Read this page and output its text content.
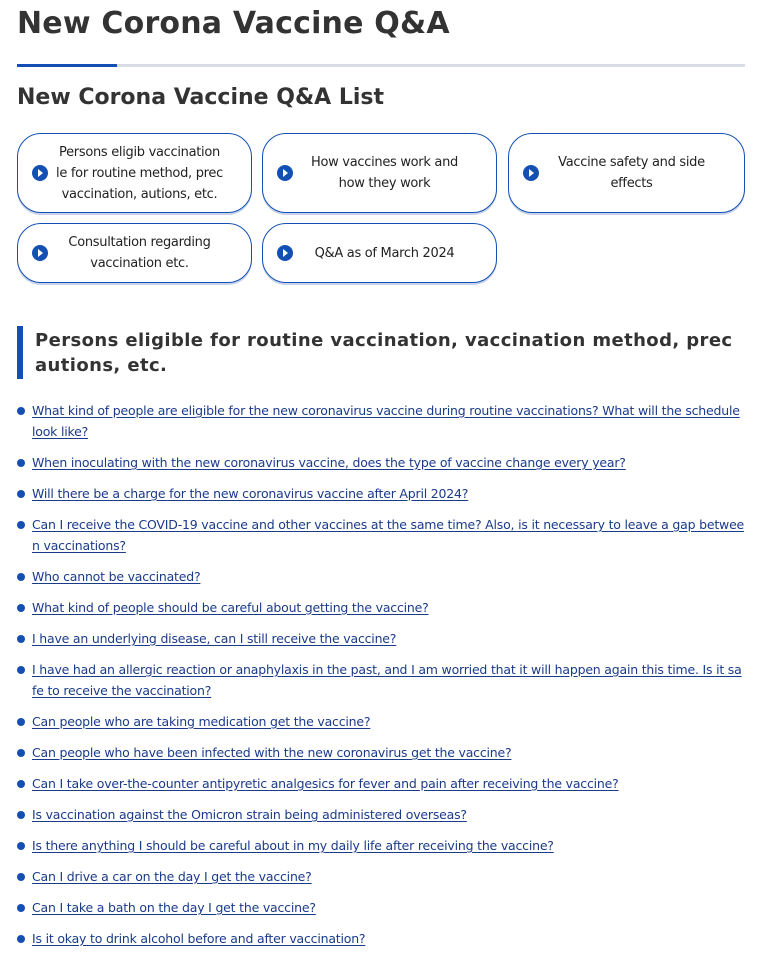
New Corona Vaccine Q&A
New Corona Vaccine Q&A List
Persons eligib vaccination le for routine method, prec vaccination, autions, etc.
How vaccines work and how they work
Vaccine safety and side effects
Consultation regarding vaccination etc.
Q&A as of March 2024
Persons eligible for routine vaccination, vaccination method, precautions, etc.
What kind of people are eligible for the new coronavirus vaccine during routine vaccinations? What will the schedule look like?
When inoculating with the new coronavirus vaccine, does the type of vaccine change every year?
Will there be a charge for the new coronavirus vaccine after April 2024?
Can I receive the COVID-19 vaccine and other vaccines at the same time? Also, is it necessary to leave a gap between vaccinations?
Who cannot be vaccinated?
What kind of people should be careful about getting the vaccine?
I have an underlying disease, can I still receive the vaccine?
I have had an allergic reaction or anaphylaxis in the past, and I am worried that it will happen again this time. Is it safe to receive the vaccination?
Can people who are taking medication get the vaccine?
Can people who have been infected with the new coronavirus get the vaccine?
Can I take over-the-counter antipyretic analgesics for fever and pain after receiving the vaccine?
Is vaccination against the Omicron strain being administered overseas?
Is there anything I should be careful about in my daily life after receiving the vaccine?
Can I drive a car on the day I get the vaccine?
Can I take a bath on the day I get the vaccine?
Is it okay to drink alcohol before and after vaccination?
